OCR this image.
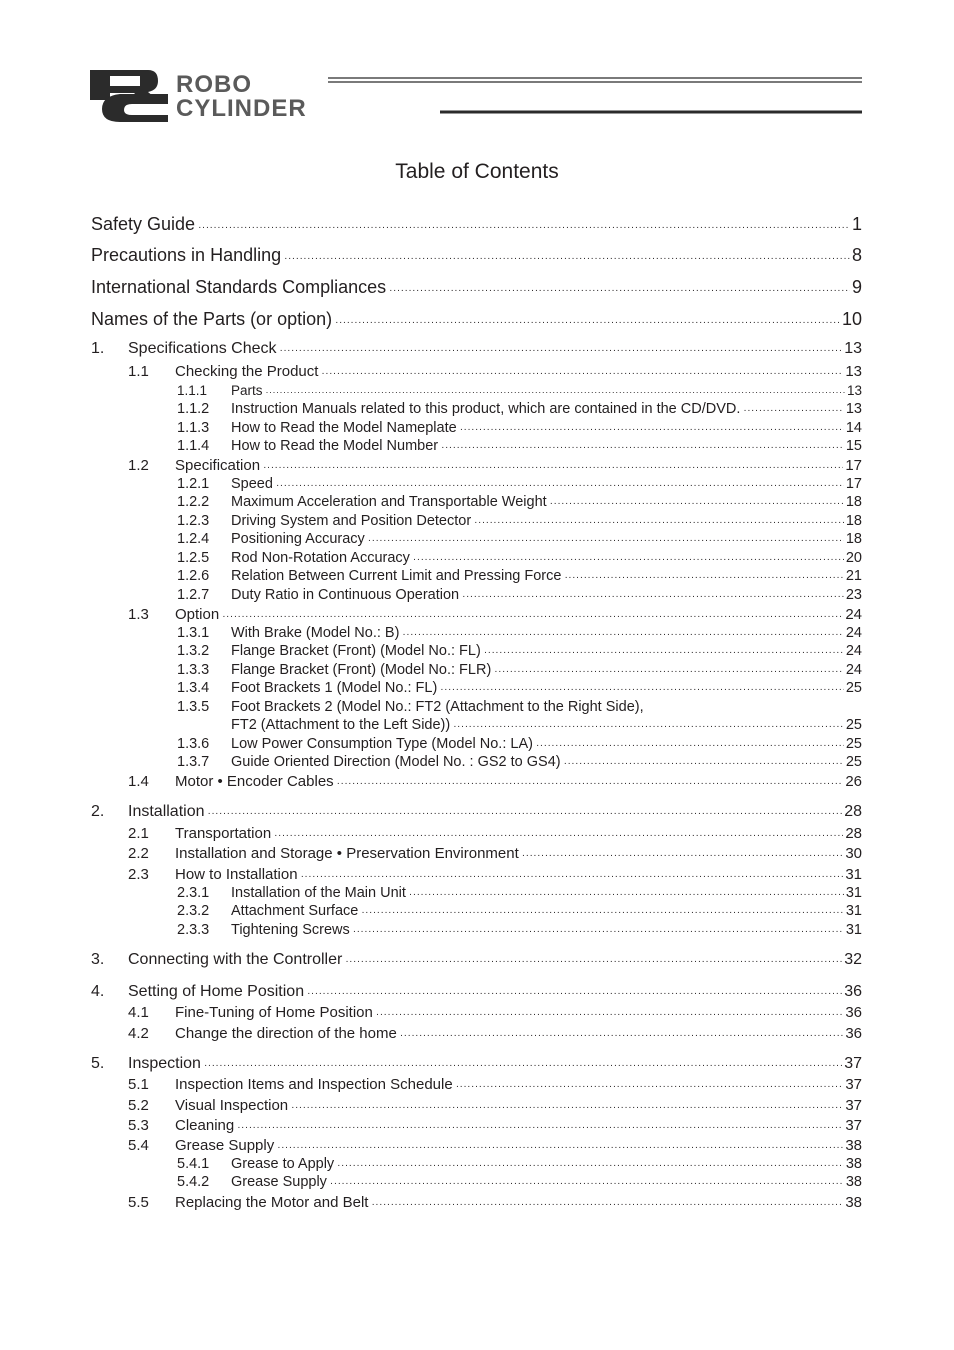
ROBO
CYLINDER
Table of Contents
Safety Guide ·····	1
Precautions in Handling ·····	8
International Standards Compliances ·····	9
Names of the Parts (or option) ·····	10
1.	Specifications Check ·····	13
1.1	Checking the Product ·····	13
1.1.1	Parts ·····	13
1.1.2	Instruction Manuals related to this product, which are contained in the CD/DVD. ·····	13
1.1.3	How to Read the Model Nameplate ·····	14
1.1.4	How to Read the Model Number ·····	15
1.2	Specification ·····	17
1.2.1	Speed ·····	17
1.2.2	Maximum Acceleration and Transportable Weight ·····	18
1.2.3	Driving System and Position Detector ·····	18
1.2.4	Positioning Accuracy ·····	18
1.2.5	Rod Non-Rotation Accuracy ·····	20
1.2.6	Relation Between Current Limit and Pressing Force ·····	21
1.2.7	Duty Ratio in Continuous Operation ·····	23
1.3	Option ·····	24
1.3.1	With Brake (Model No.: B) ·····	24
1.3.2	Flange Bracket (Front) (Model No.: FL) ·····	24
1.3.3	Flange Bracket (Front) (Model No.: FLR) ·····	24
1.3.4	Foot Brackets 1 (Model No.: FL) ·····	25
1.3.5	Foot Brackets 2 (Model No.: FT2 (Attachment to the Right Side),
FT2 (Attachment to the Left Side)) ·····	25
1.3.6	Low Power Consumption Type (Model No.: LA) ·····	25
1.3.7	Guide Oriented Direction (Model No. : GS2 to GS4) ·····	25
1.4	Motor • Encoder Cables ·····	26
2.	Installation ·····	28
2.1	Transportation ·····	28
2.2	Installation and Storage • Preservation Environment ·····	30
2.3	How to Installation ·····	31
2.3.1	Installation of the Main Unit ·····	31
2.3.2	Attachment Surface ·····	31
2.3.3	Tightening Screws ·····	31
3.	Connecting with the Controller ·····	32
4.	Setting of Home Position ·····	36
4.1	Fine-Tuning of Home Position ·····	36
4.2	Change the direction of the home ·····	36
5.	Inspection ·····	37
5.1	Inspection Items and Inspection Schedule ·····	37
5.2	Visual Inspection ·····	37
5.3	Cleaning ·····	37
5.4	Grease Supply ·····	38
5.4.1	Grease to Apply ·····	38
5.4.2	Grease Supply ·····	38
5.5	Replacing the Motor and Belt ·····	38
